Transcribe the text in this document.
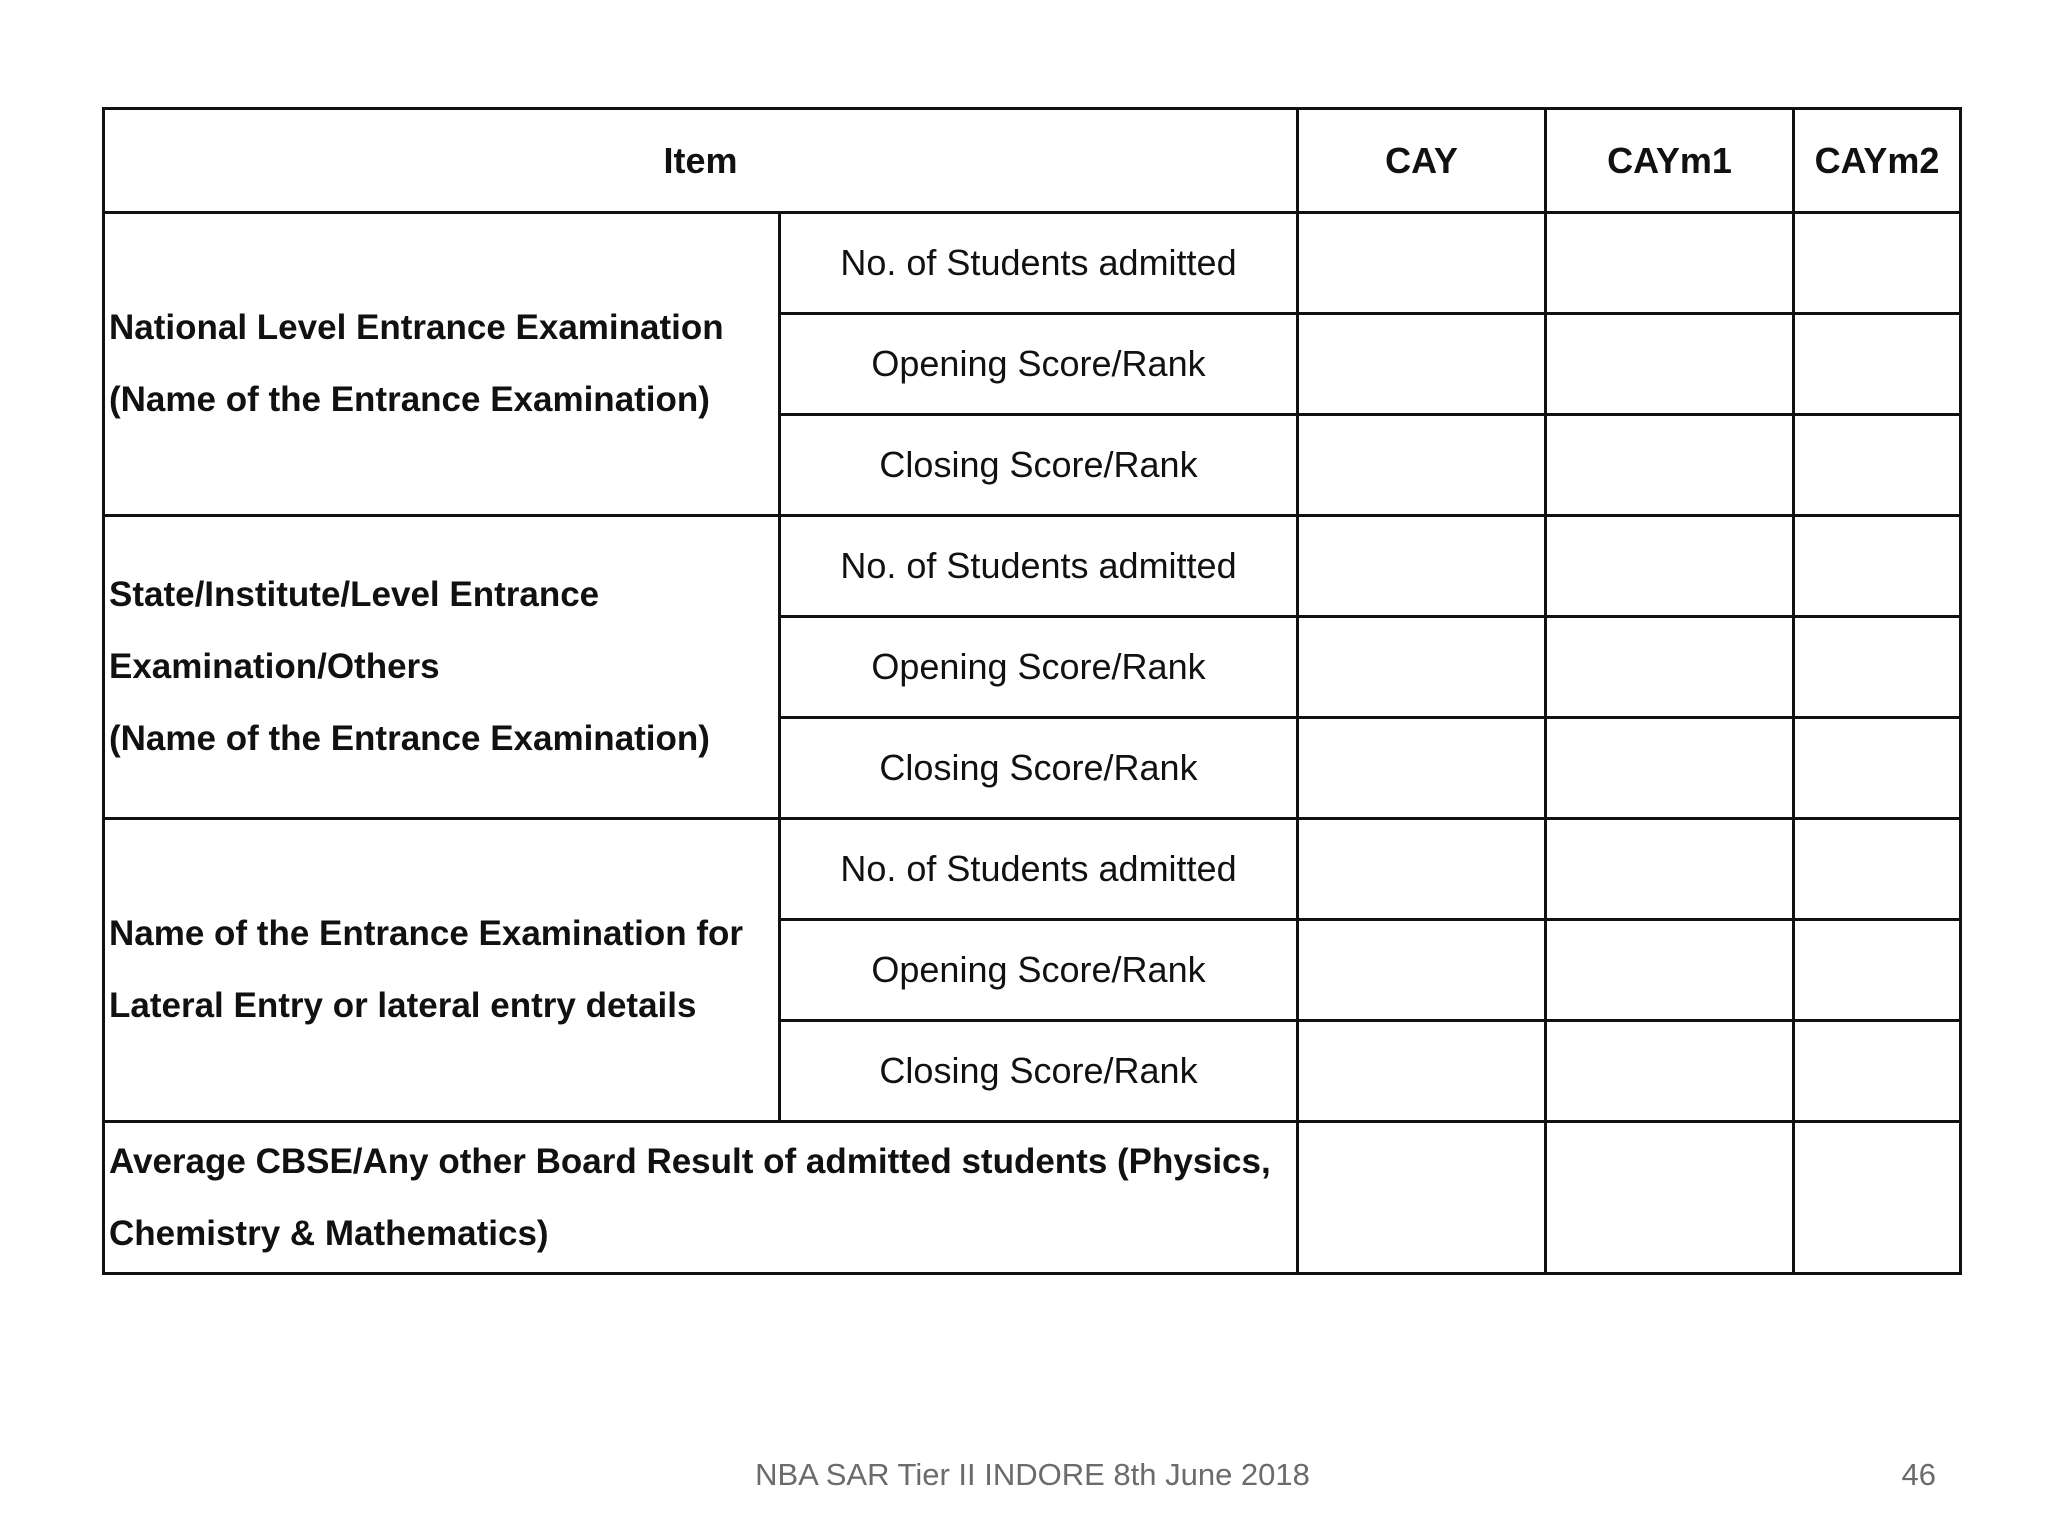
Item		CAY	CAYm1	CAYm2

National Level Entrance Examination
(Name of the Entrance Examination)	No. of Students admitted			
	Opening Score/Rank			
	Closing Score/Rank			

State/Institute/Level Entrance
Examination/Others
(Name of the Entrance Examination)	No. of Students admitted			
	Opening Score/Rank			
	Closing Score/Rank			

Name of the Entrance Examination for
Lateral Entry or lateral entry details	No. of Students admitted			
	Opening Score/Rank			
	Closing Score/Rank			

Average CBSE/Any other Board Result of admitted students (Physics,
Chemistry & Mathematics)				

NBA SAR Tier II INDORE 8th June 2018	46
